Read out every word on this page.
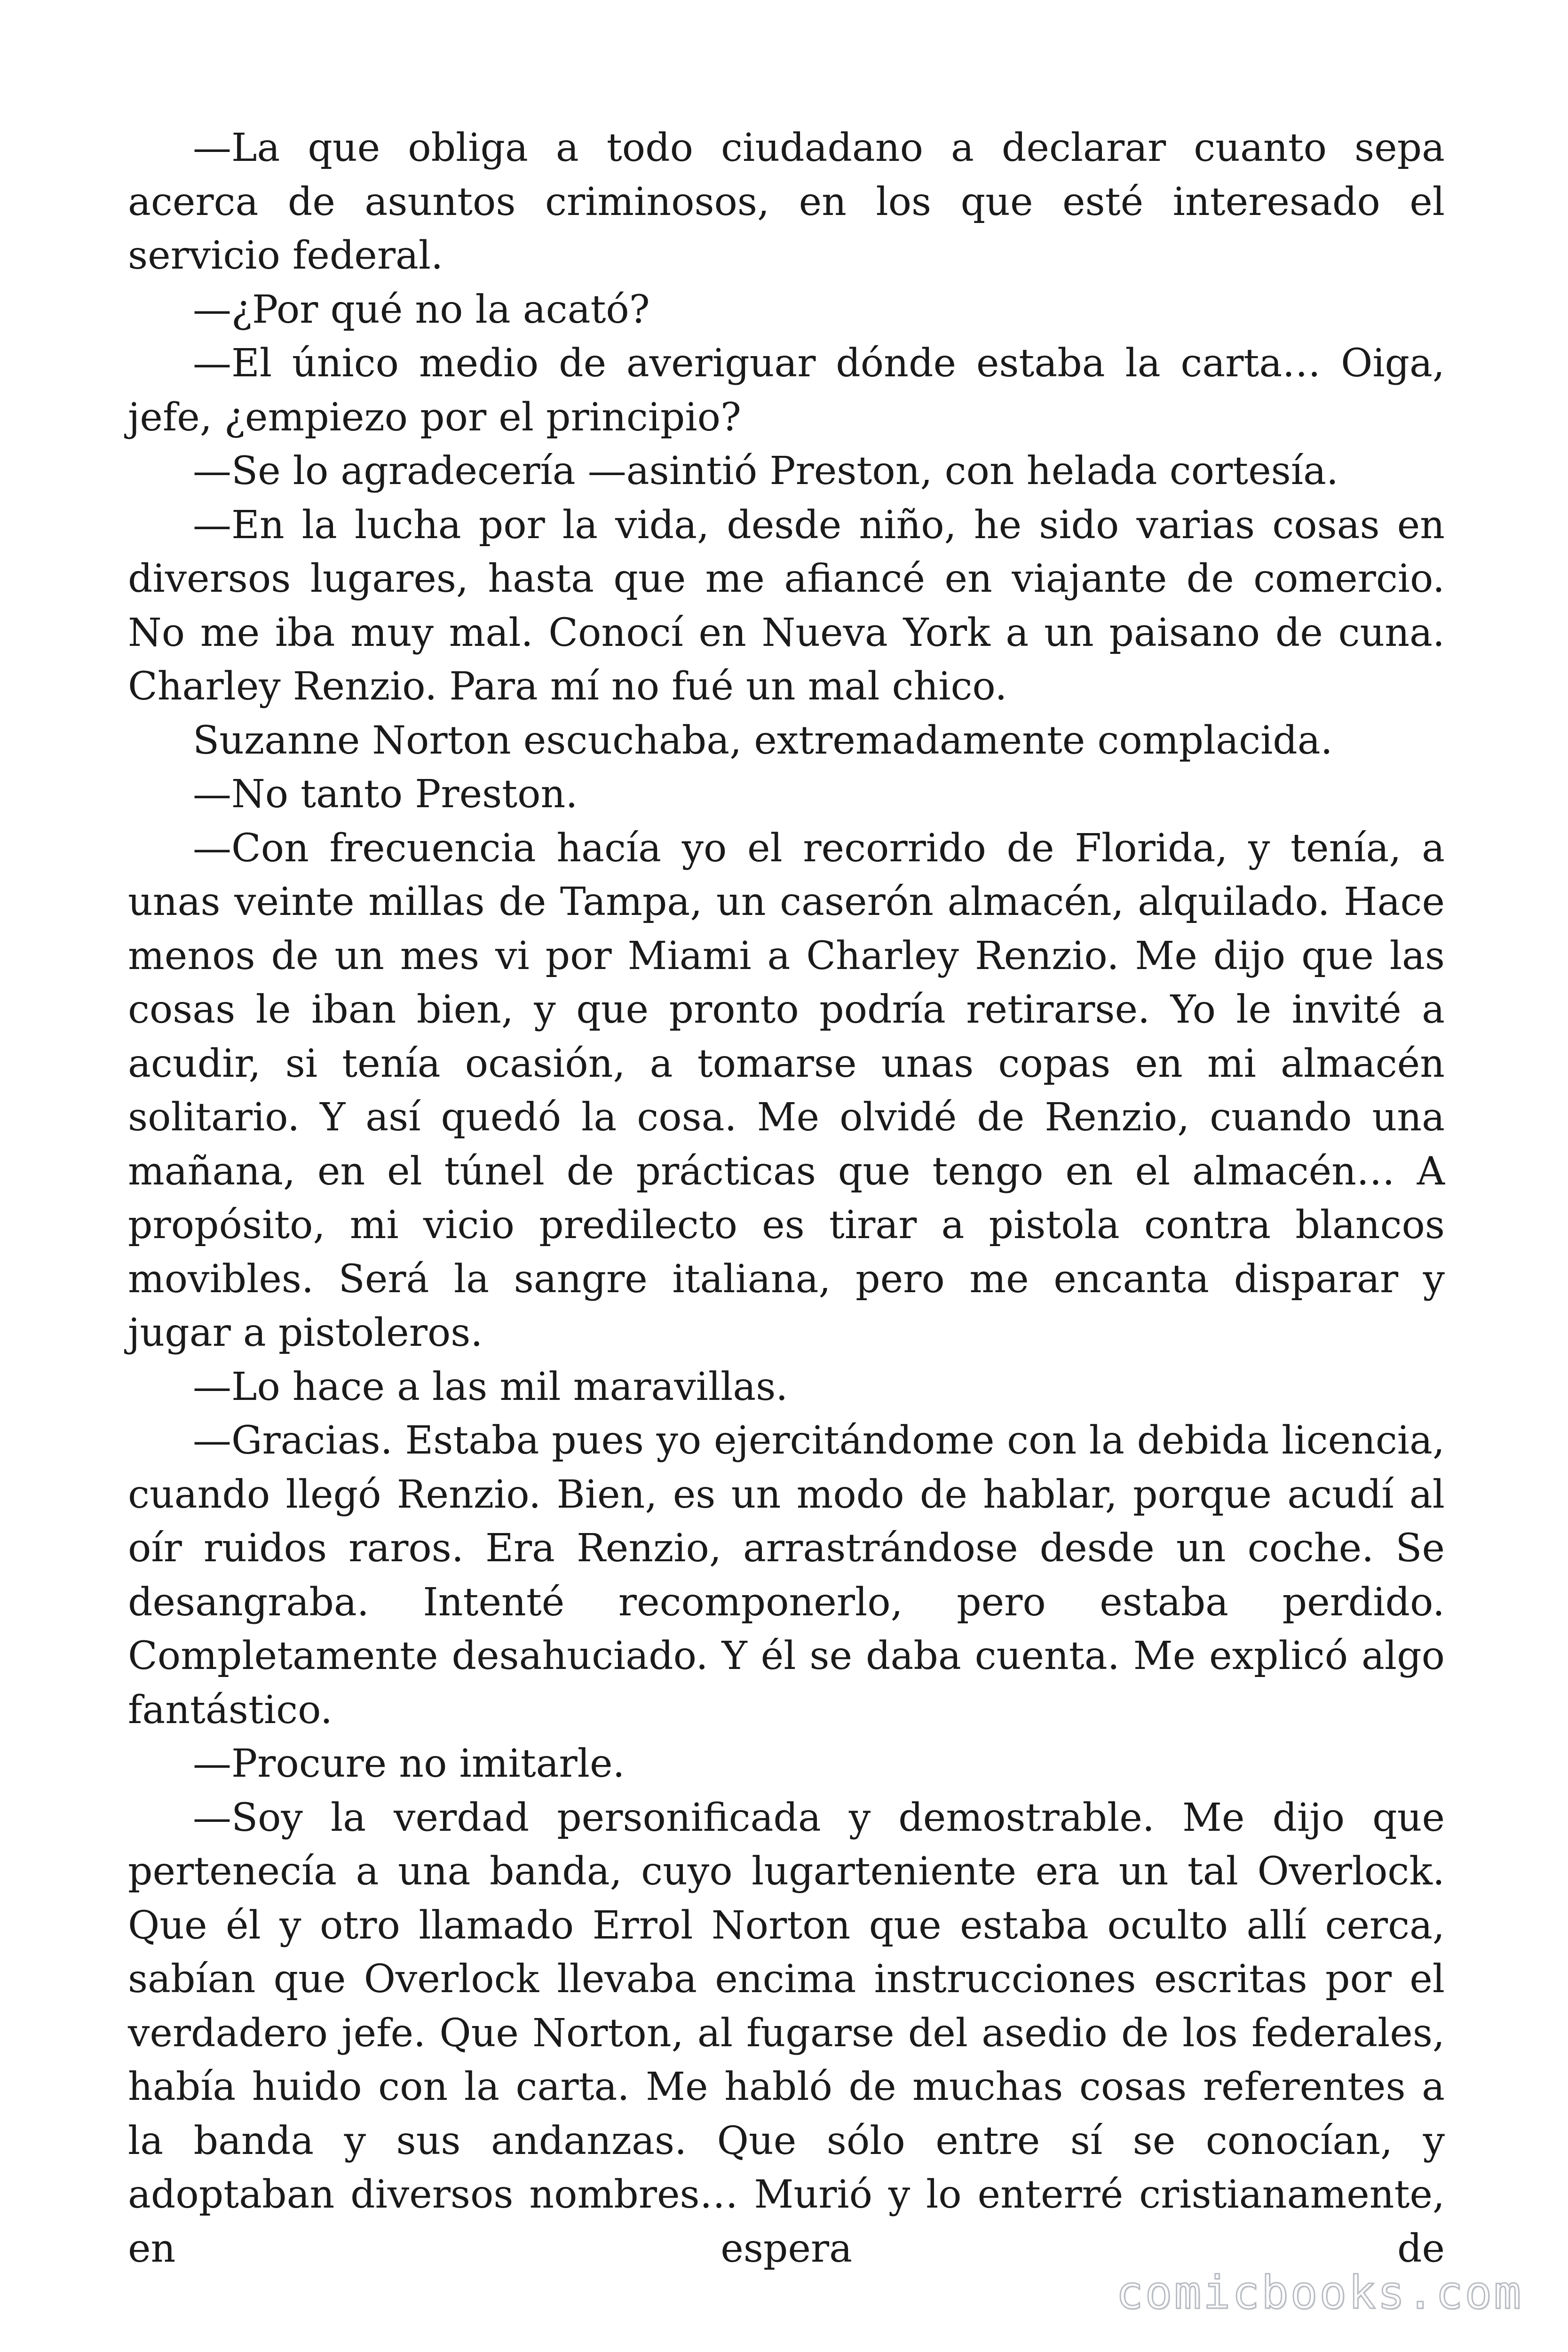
—La que obliga a todo ciudadano a declarar cuanto sepa acerca de asuntos criminosos, en los que esté interesado el servicio federal.

—¿Por qué no la acató?

—El único medio de averiguar dónde estaba la carta… Oiga, jefe, ¿empiezo por el principio?

—Se lo agradecería —asintió Preston, con helada cortesía.

—En la lucha por la vida, desde niño, he sido varias cosas en diversos lugares, hasta que me afiancé en viajante de comercio. No me iba muy mal. Conocí en Nueva York a un paisano de cuna. Charley Renzio. Para mí no fué un mal chico.

Suzanne Norton escuchaba, extremadamente complacida.

—No tanto Preston.

—Con frecuencia hacía yo el recorrido de Florida, y tenía, a unas veinte millas de Tampa, un caserón almacén, alquilado. Hace menos de un mes vi por Miami a Charley Renzio. Me dijo que las cosas le iban bien, y que pronto podría retirarse. Yo le invité a acudir, si tenía ocasión, a tomarse unas copas en mi almacén solitario. Y así quedó la cosa. Me olvidé de Renzio, cuando una mañana, en el túnel de prácticas que tengo en el almacén… A propósito, mi vicio predilecto es tirar a pistola contra blancos movibles. Será la sangre italiana, pero me encanta disparar y jugar a pistoleros.

—Lo hace a las mil maravillas.

—Gracias. Estaba pues yo ejercitándome con la debida licencia, cuando llegó Renzio. Bien, es un modo de hablar, porque acudí al oír ruidos raros. Era Renzio, arrastrándose desde un coche. Se desangraba. Intenté recomponerlo, pero estaba perdido. Completamente desahuciado. Y él se daba cuenta. Me explicó algo fantástico.

—Procure no imitarle.

—Soy la verdad personificada y demostrable. Me dijo que pertenecía a una banda, cuyo lugarteniente era un tal Overlock. Que él y otro llamado Errol Norton que estaba oculto allí cerca, sabían que Overlock llevaba encima instrucciones escritas por el verdadero jefe. Que Norton, al fugarse del asedio de los federales, había huido con la carta. Me habló de muchas cosas referentes a la banda y sus andanzas. Que sólo entre sí se conocían, y adoptaban diversos nombres… Murió y lo enterré cristianamente, en espera de

comicbooks.com
